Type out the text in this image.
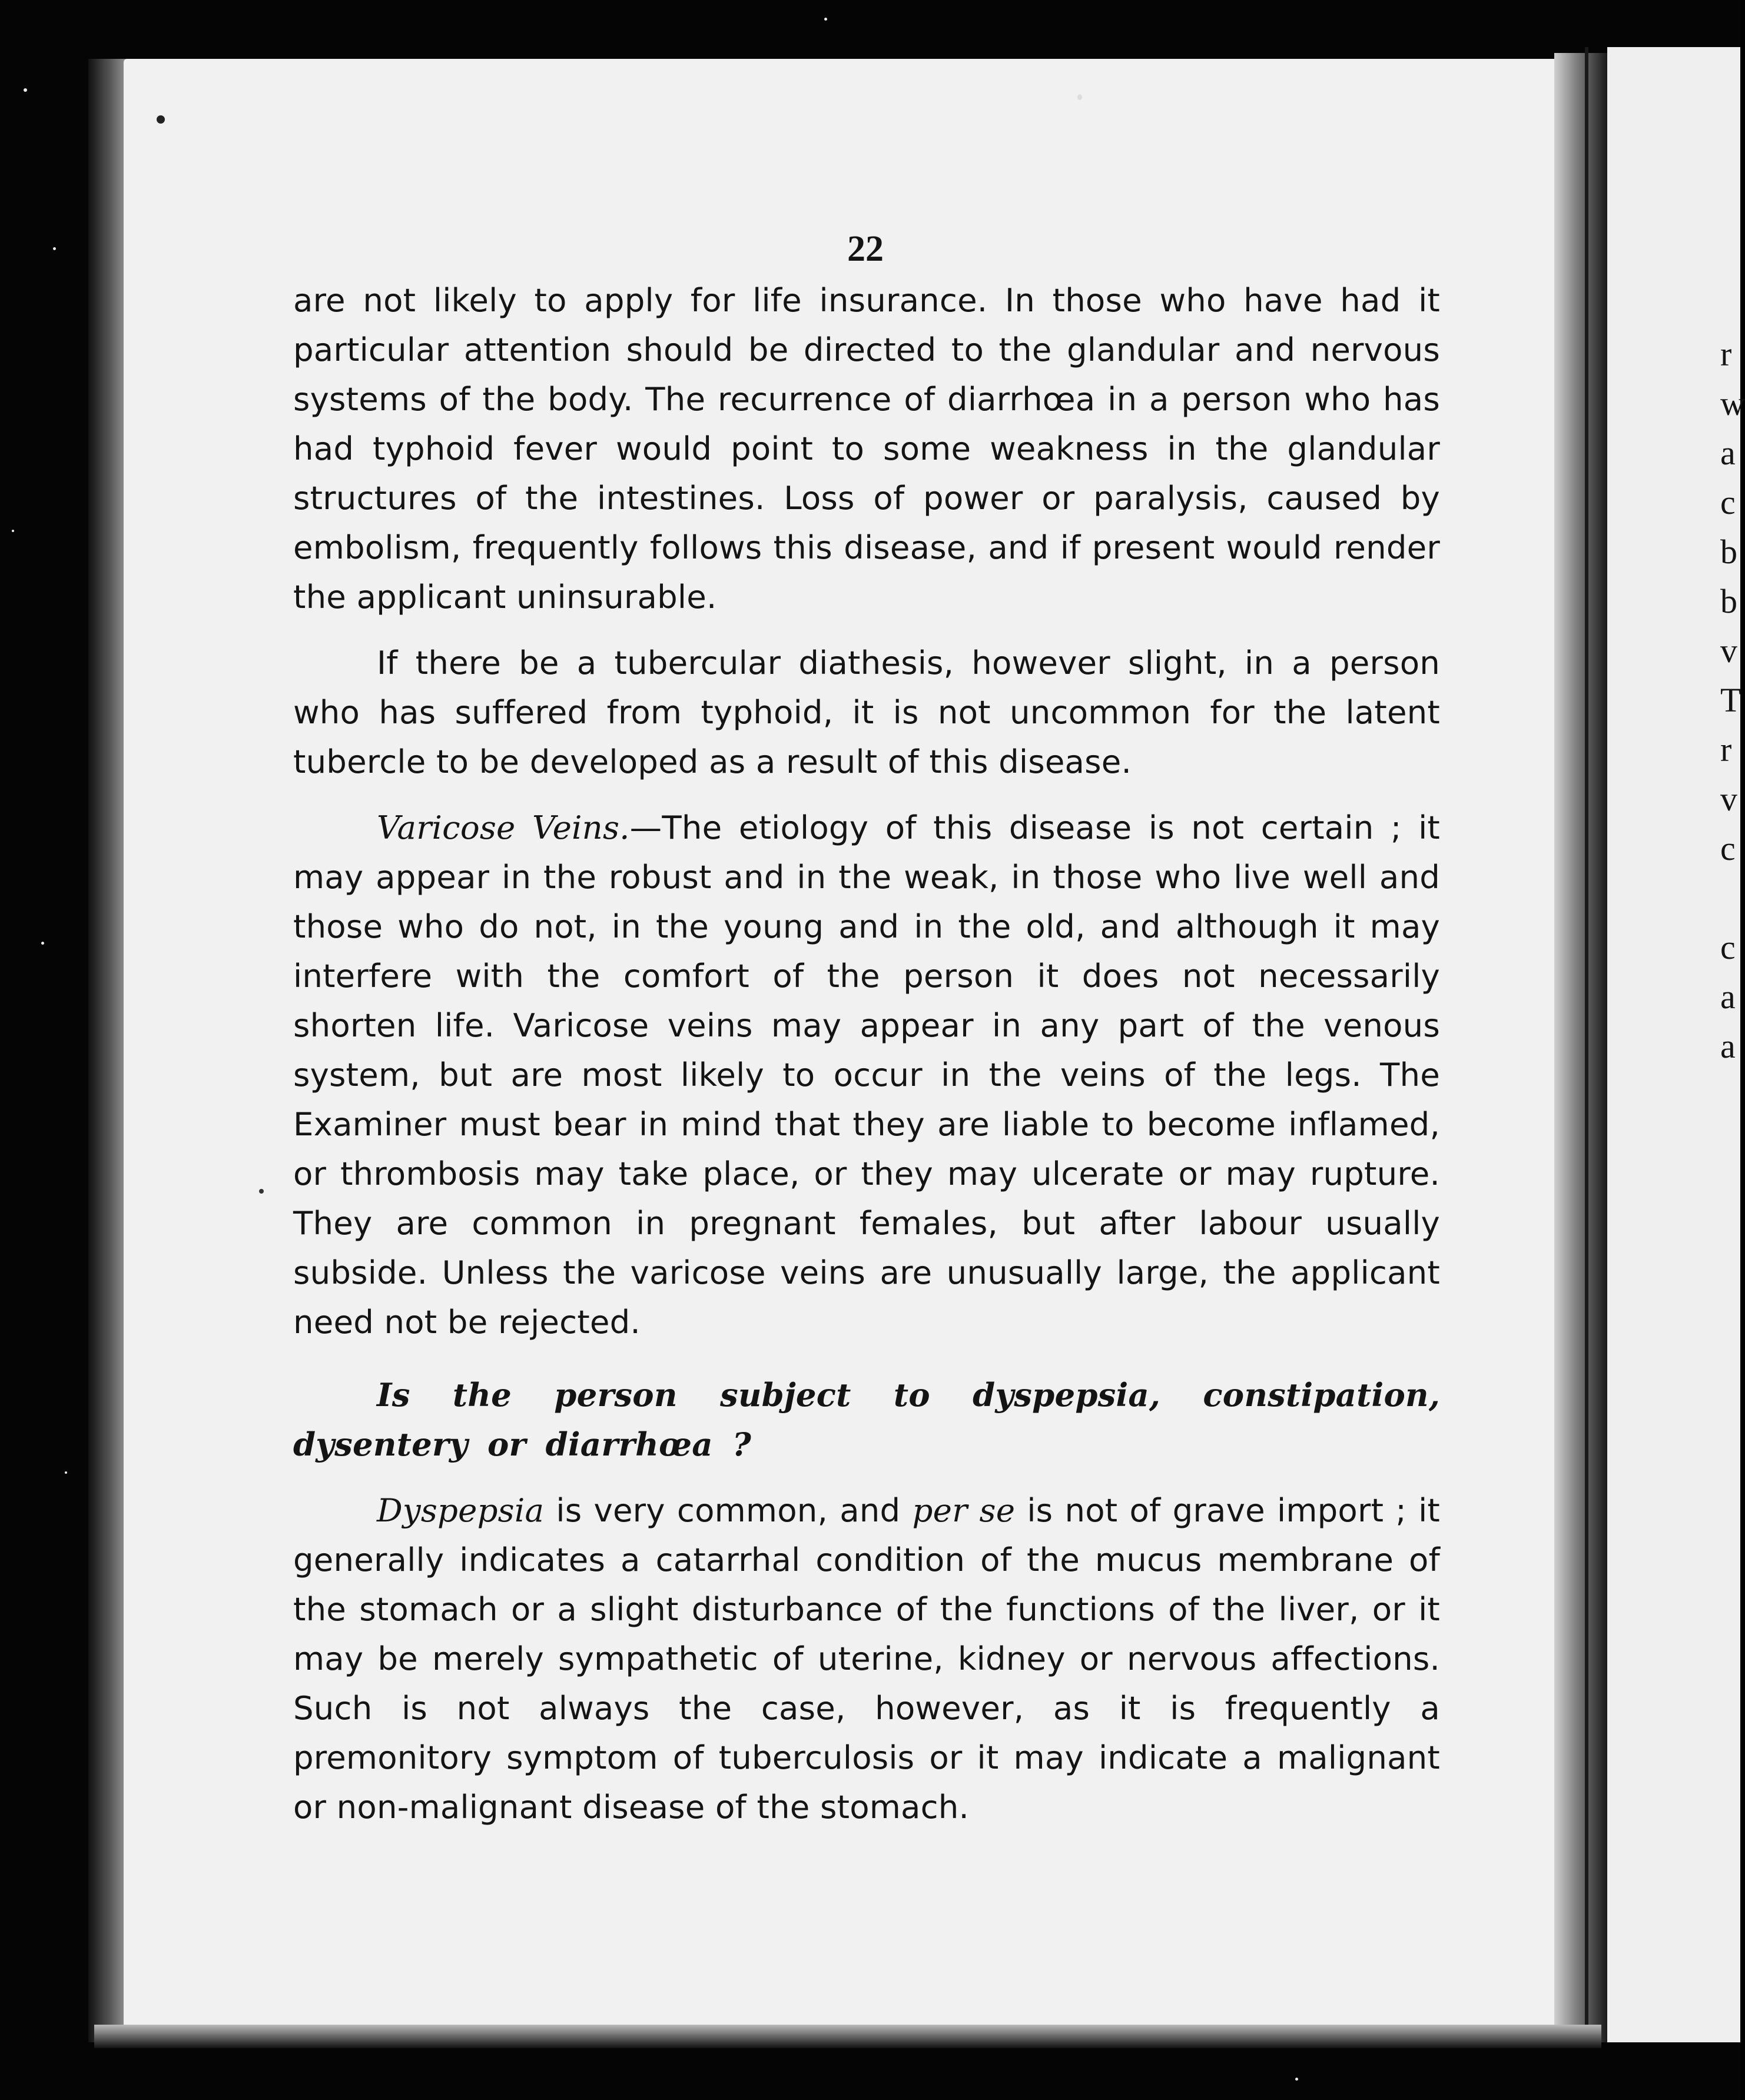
22

are not likely to apply for life insurance. In those who have had it particular attention should be directed to the glandular and nervous systems of the body. The recurrence of diarrhœa in a person who has had typhoid fever would point to some weakness in the glandular structures of the intestines. Loss of power or paralysis, caused by embolism, frequently follows this disease, and if present would render the applicant uninsurable.

If there be a tubercular diathesis, however slight, in a person who has suffered from typhoid, it is not uncommon for the latent tubercle to be developed as a result of this disease.

Varicose Veins.—The etiology of this disease is not certain ; it may appear in the robust and in the weak, in those who live well and those who do not, in the young and in the old, and although it may interfere with the comfort of the person it does not necessarily shorten life. Varicose veins may appear in any part of the venous system, but are most likely to occur in the veins of the legs. The Examiner must bear in mind that they are liable to become inflamed, or thrombosis may take place, or they may ulcerate or may rupture. They are common in pregnant females, but after labour usually subside. Unless the varicose veins are unusually large, the applicant need not be rejected.

Is the person subject to dyspepsia, constipation, dysentery or diarrhœa ?

Dyspepsia is very common, and per se is not of grave import ; it generally indicates a catarrhal condition of the mucus membrane of the stomach or a slight disturbance of the functions of the liver, or it may be merely sympathetic of uterine, kidney or nervous affections. Such is not always the case, however, as it is frequently a premonitory symptom of tuberculosis or it may indicate a malignant or non-malignant disease of the stomach.

r
w
a
c
b
b
v
T
r
v
c
c
a
a
